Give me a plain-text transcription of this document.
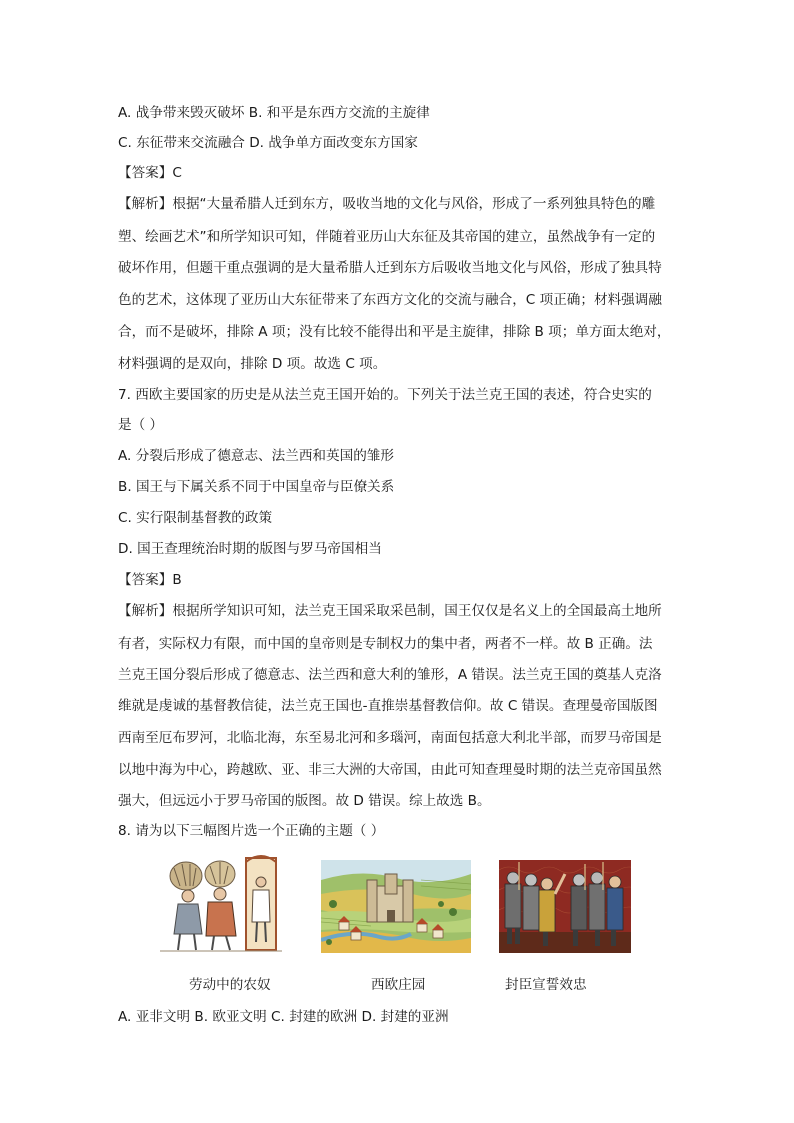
A. 战争带来毁灭破坏 B. 和平是东西方交流的主旋律
C. 东征带来交流融合 D. 战争单方面改变东方国家
【答案】C
【解析】根据“大量希腊人迁到东方，吸收当地的文化与风俗，形成了一系列独具特色的雕
塑、绘画艺术”和所学知识可知，伴随着亚历山大东征及其帝国的建立，虽然战争有一定的
破坏作用，但题干重点强调的是大量希腊人迁到东方后吸收当地文化与风俗，形成了独具特
色的艺术，这体现了亚历山大东征带来了东西方文化的交流与融合，C 项正确；材料强调融
合，而不是破坏，排除 A 项；没有比较不能得出和平是主旋律，排除 B 项；单方面太绝对，
材料强调的是双向，排除 D 项。故选 C 项。
7. 西欧主要国家的历史是从法兰克王国开始的。下列关于法兰克王国的表述，符合史实的
是（ ）
A. 分裂后形成了德意志、法兰西和英国的雏形
B. 国王与下属关系不同于中国皇帝与臣僚关系
C. 实行限制基督教的政策
D. 国王查理统治时期的版图与罗马帝国相当
【答案】B
【解析】根据所学知识可知，法兰克王国采取采邑制，国王仅仅是名义上的全国最高土地所
有者，实际权力有限，而中国的皇帝则是专制权力的集中者，两者不一样。故 B 正确。法
兰克王国分裂后形成了德意志、法兰西和意大利的雏形，A 错误。法兰克王国的奠基人克洛
维就是虔诚的基督教信徒，法兰克王国也-直推崇基督教信仰。故 C 错误。查理曼帝国版图
西南至厄布罗河，北临北海，东至易北河和多瑙河，南面包括意大利北半部，而罗马帝国是
以地中海为中心，跨越欧、亚、非三大洲的大帝国，由此可知查理曼时期的法兰克帝国虽然
强大，但远远小于罗马帝国的版图。故 D 错误。综上故选 B。
8. 请为以下三幅图片选一个正确的主题（ ）
劳动中的农奴	西欧庄园	封臣宣誓效忠
A. 亚非文明 B. 欧亚文明 C. 封建的欧洲 D. 封建的亚洲
